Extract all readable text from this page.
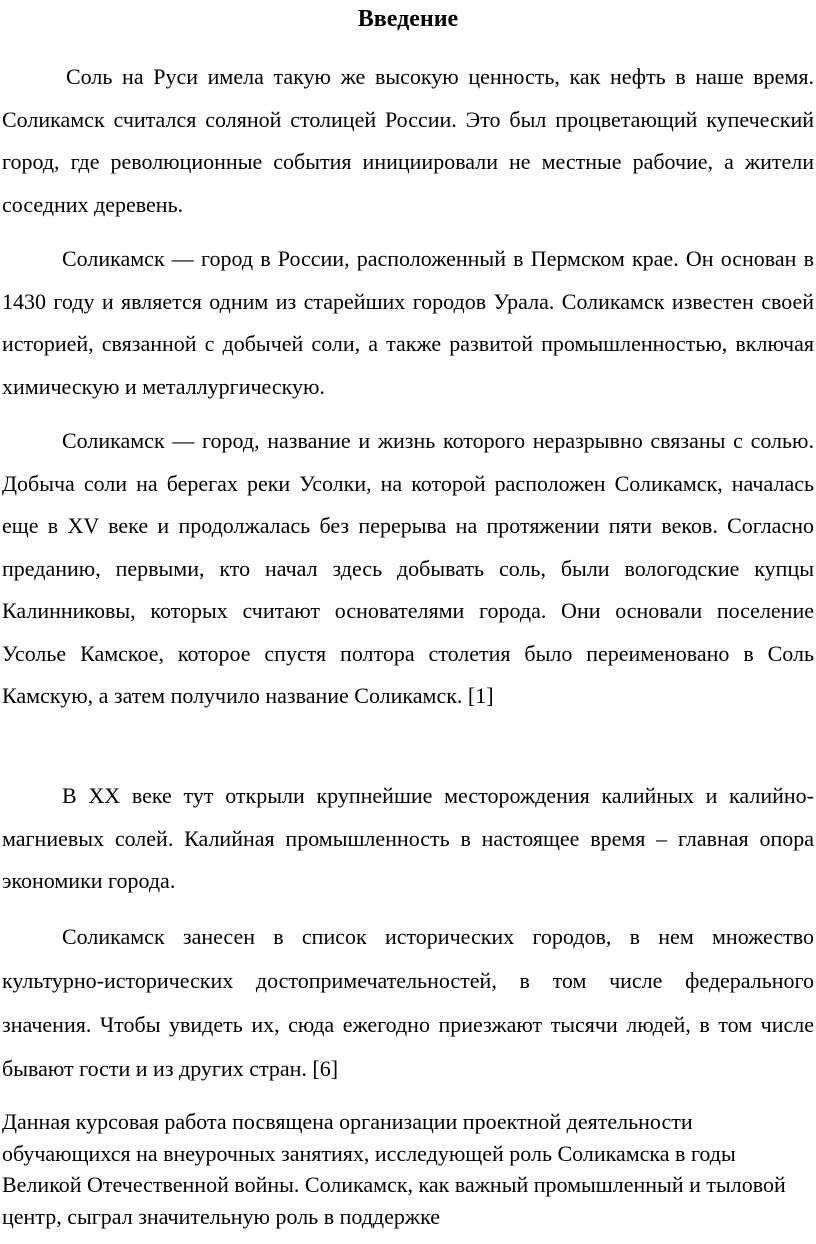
Введение

Соль на Руси имела такую же высокую ценность, как нефть в наше время. Соликамск считался соляной столицей России. Это был процветающий купеческий город, где революционные события инициировали не местные рабочие, а жители соседних деревень.

Соликамск — город в России, расположенный в Пермском крае. Он основан в 1430 году и является одним из старейших городов Урала. Соликамск известен своей историей, связанной с добычей соли, а также развитой промышленностью, включая химическую и металлургическую.

Соликамск — город, название и жизнь которого неразрывно связаны с солью. Добыча соли на берегах реки Усолки, на которой расположен Соликамск, началась еще в XV веке и продолжалась без перерыва на протяжении пяти веков. Согласно преданию, первыми, кто начал здесь добывать соль, были вологодские купцы Калинниковы, которых считают основателями города. Они основали поселение Усолье Камское, которое спустя полтора столетия было переименовано в Соль Камскую, а затем получило название Соликамск. [1]

В XX веке тут открыли крупнейшие месторождения калийных и калийно-магниевых солей. Калийная промышленность в настоящее время – главная опора экономики города.

Соликамск занесен в список исторических городов, в нем множество культурно-исторических достопримечательностей, в том числе федерального значения. Чтобы увидеть их, сюда ежегодно приезжают тысячи людей, в том числе бывают гости и из других стран. [6]

Данная курсовая работа посвящена организации проектной деятельности обучающихся на внеурочных занятиях, исследующей роль Соликамска в годы Великой Отечественной войны. Соликамск, как важный промышленный и тыловой центр, сыграл значительную роль в поддержке
